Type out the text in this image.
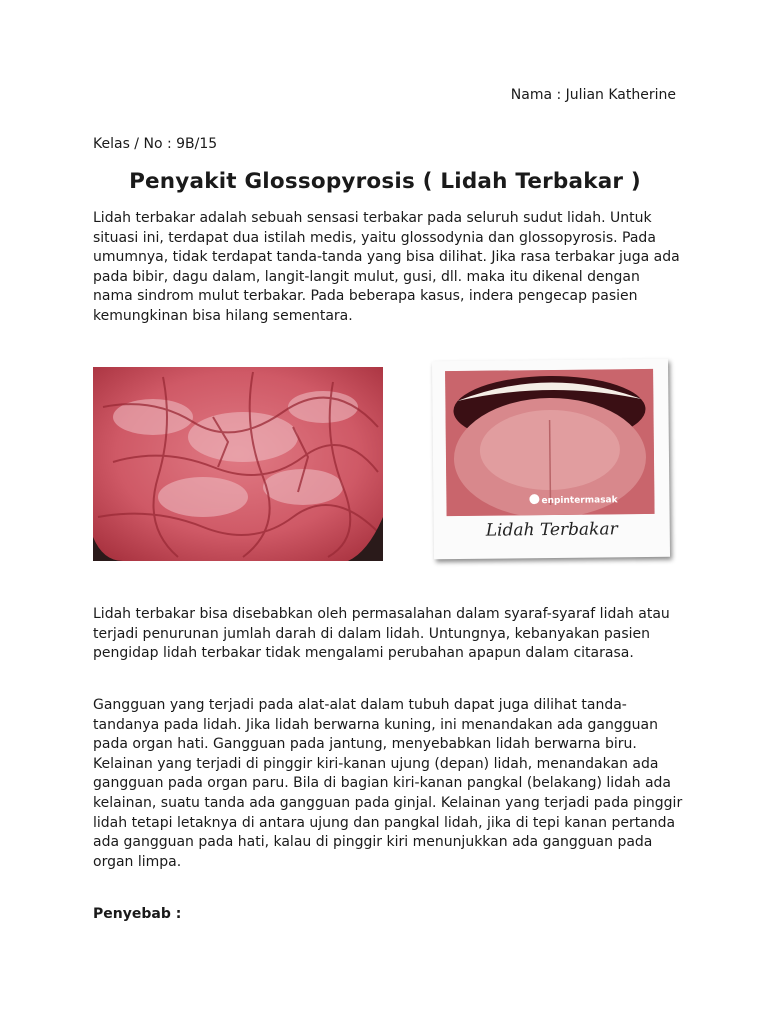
Nama : Julian Katherine
Kelas / No : 9B/15
Penyakit Glossopyrosis ( Lidah Terbakar )

Lidah terbakar adalah sebuah sensasi terbakar pada seluruh sudut lidah. Untuk situasi ini, terdapat dua istilah medis, yaitu glossodynia dan glossopyrosis. Pada umumnya, tidak terdapat tanda-tanda yang bisa dilihat. Jika rasa terbakar juga ada pada bibir, dagu dalam, langit-langit mulut, gusi, dll. maka itu dikenal dengan nama sindrom mulut terbakar. Pada beberapa kasus, indera pengecap pasien kemungkinan bisa hilang sementara.

enpintermasak
Lidah Terbakar

Lidah terbakar bisa disebabkan oleh permasalahan dalam syaraf-syaraf lidah atau terjadi penurunan jumlah darah di dalam lidah. Untungnya, kebanyakan pasien pengidap lidah terbakar tidak mengalami perubahan apapun dalam citarasa.

Gangguan yang terjadi pada alat-alat dalam tubuh dapat juga dilihat tanda-tandanya pada lidah. Jika lidah berwarna kuning, ini menandakan ada gangguan pada organ hati. Gangguan pada jantung, menyebabkan lidah berwarna biru. Kelainan yang terjadi di pinggir kiri-kanan ujung (depan) lidah, menandakan ada gangguan pada organ paru. Bila di bagian kiri-kanan pangkal (belakang) lidah ada kelainan, suatu tanda ada gangguan pada ginjal. Kelainan yang terjadi pada pinggir lidah tetapi letaknya di antara ujung dan pangkal lidah, jika di tepi kanan pertanda ada gangguan pada hati, kalau di pinggir kiri menunjukkan ada gangguan pada organ limpa.

Penyebab :
